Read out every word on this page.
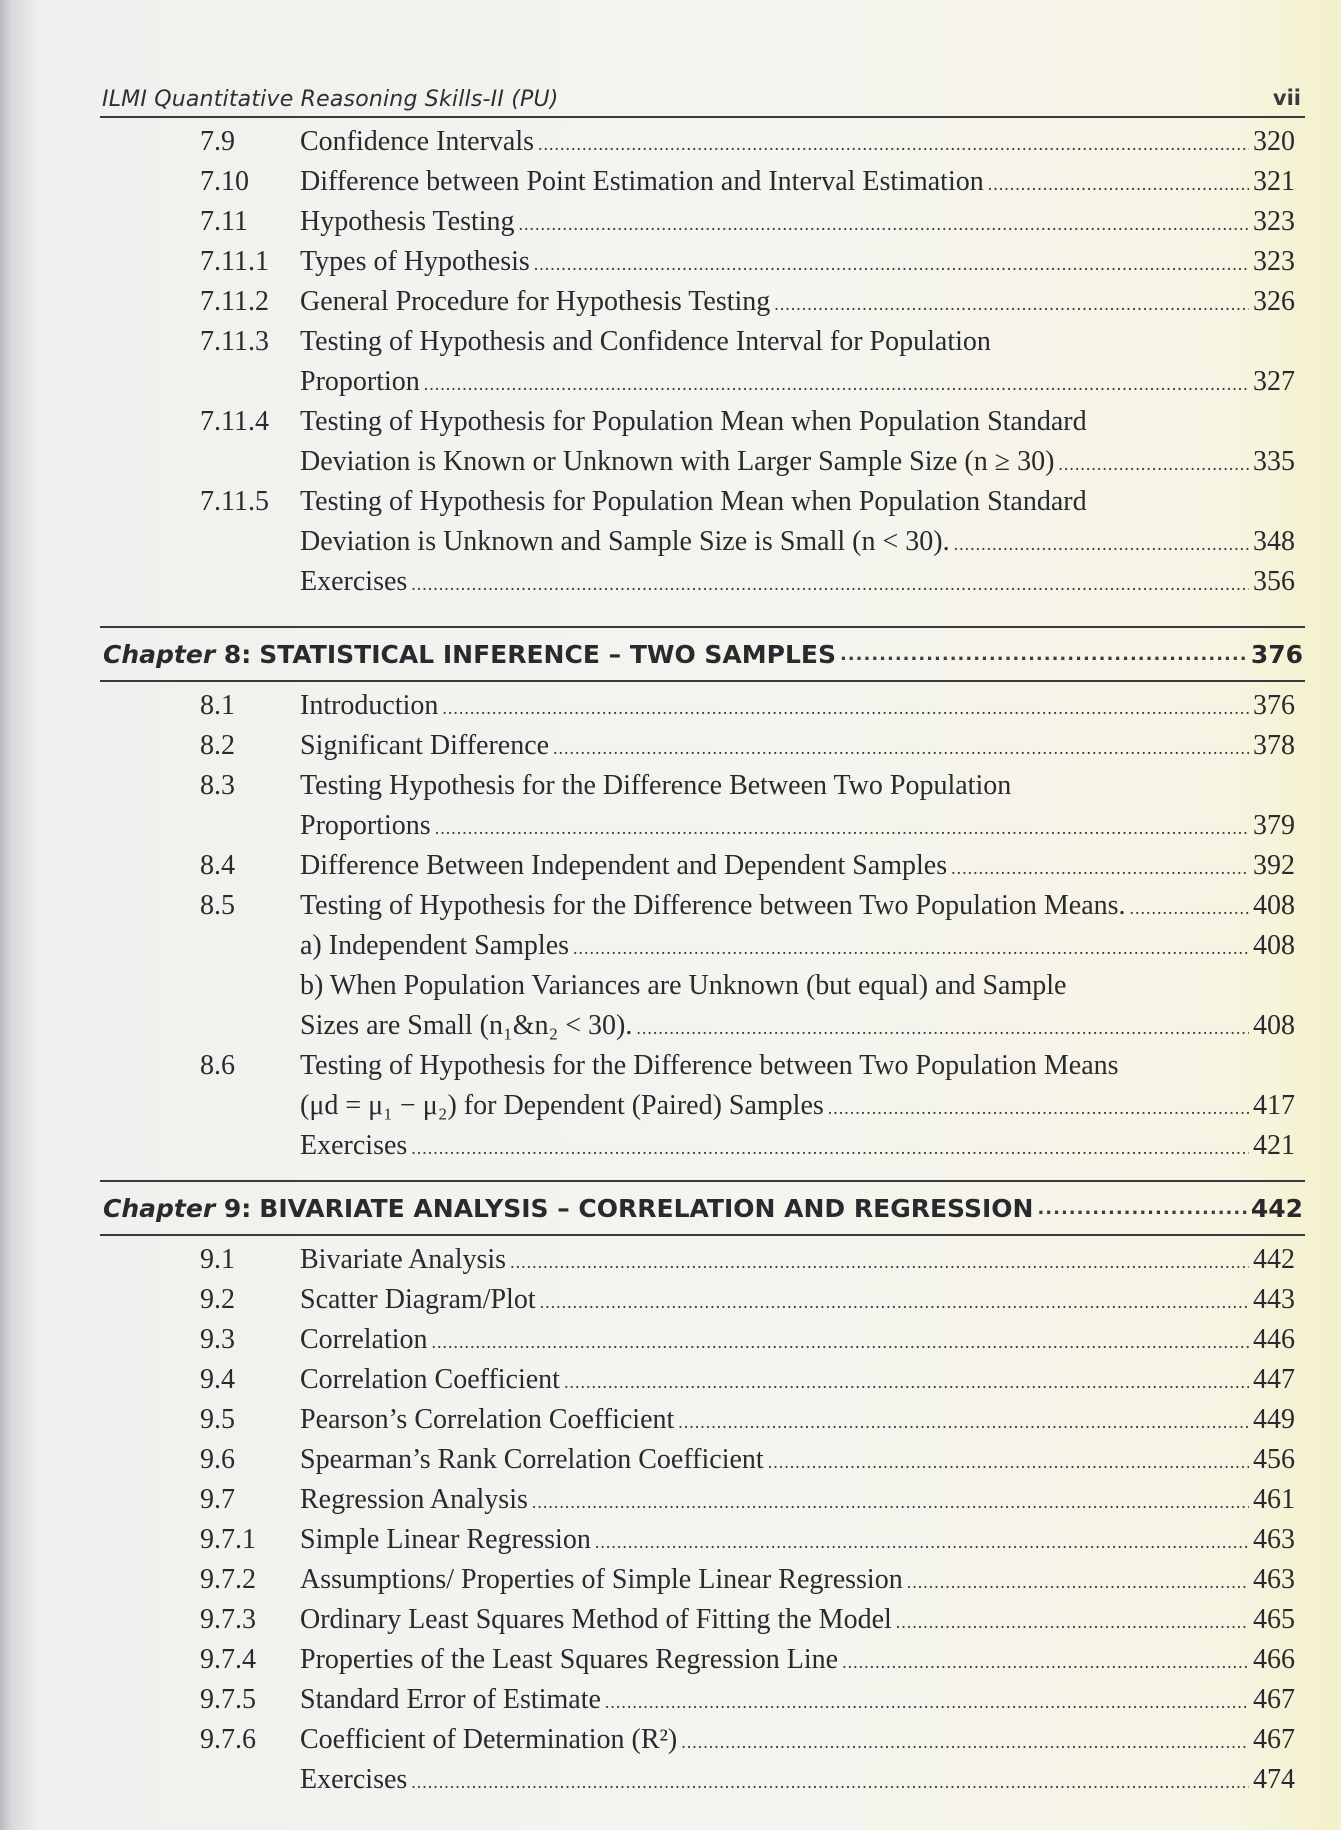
ILMI Quantitative Reasoning Skills-II (PU)	vii
7.9 Confidence Intervals .....	320
7.10 Difference between Point Estimation and Interval Estimation .....	321
7.11 Hypothesis Testing .....	323
7.11.1 Types of Hypothesis .....	323
7.11.2 General Procedure for Hypothesis Testing .....	326
7.11.3 Testing of Hypothesis and Confidence Interval for Population
Proportion .....	327
7.11.4 Testing of Hypothesis for Population Mean when Population Standard
Deviation is Known or Unknown with Larger Sample Size (n ≥ 30) .....	335
7.11.5 Testing of Hypothesis for Population Mean when Population Standard
Deviation is Unknown and Sample Size is Small (n < 30). .....	348
Exercises .....	356
Chapter
8 : STATISTICAL INFERENCE – TWO SAMPLES .....	376
8.1 Introduction .....	376
8.2 Significant Difference .....	378
8.3 Testing Hypothesis for the Difference Between Two Population
Proportions .....	379
8.4 Difference Between Independent and Dependent Samples .....	392
8.5 Testing of Hypothesis for the Difference between Two Population Means. .....	408
a) Independent Samples .....	408
b) When Population Variances are Unknown (but equal) and Sample
Sizes are Small (n₁&n₂ < 30). .....	408
8.6 Testing of Hypothesis for the Difference between Two Population Means
(μd = μ₁ − μ₂) for Dependent (Paired) Samples .....	417
Exercises .....	421
Chapter
9 : BIVARIATE ANALYSIS – CORRELATION AND REGRESSION .....	442
9.1 Bivariate Analysis .....	442
9.2 Scatter Diagram/Plot .....	443
9.3 Correlation .....	446
9.4 Correlation Coefficient .....	447
9.5 Pearson’s Correlation Coefficient .....	449
9.6 Spearman’s Rank Correlation Coefficient .....	456
9.7 Regression Analysis .....	461
9.7.1 Simple Linear Regression .....	463
9.7.2 Assumptions/ Properties of Simple Linear Regression .....	463
9.7.3 Ordinary Least Squares Method of Fitting the Model .....	465
9.7.4 Properties of the Least Squares Regression Line .....	466
9.7.5 Standard Error of Estimate .....	467
9.7.6 Coefficient of Determination (R²) .....	467
Exercises .....	474
